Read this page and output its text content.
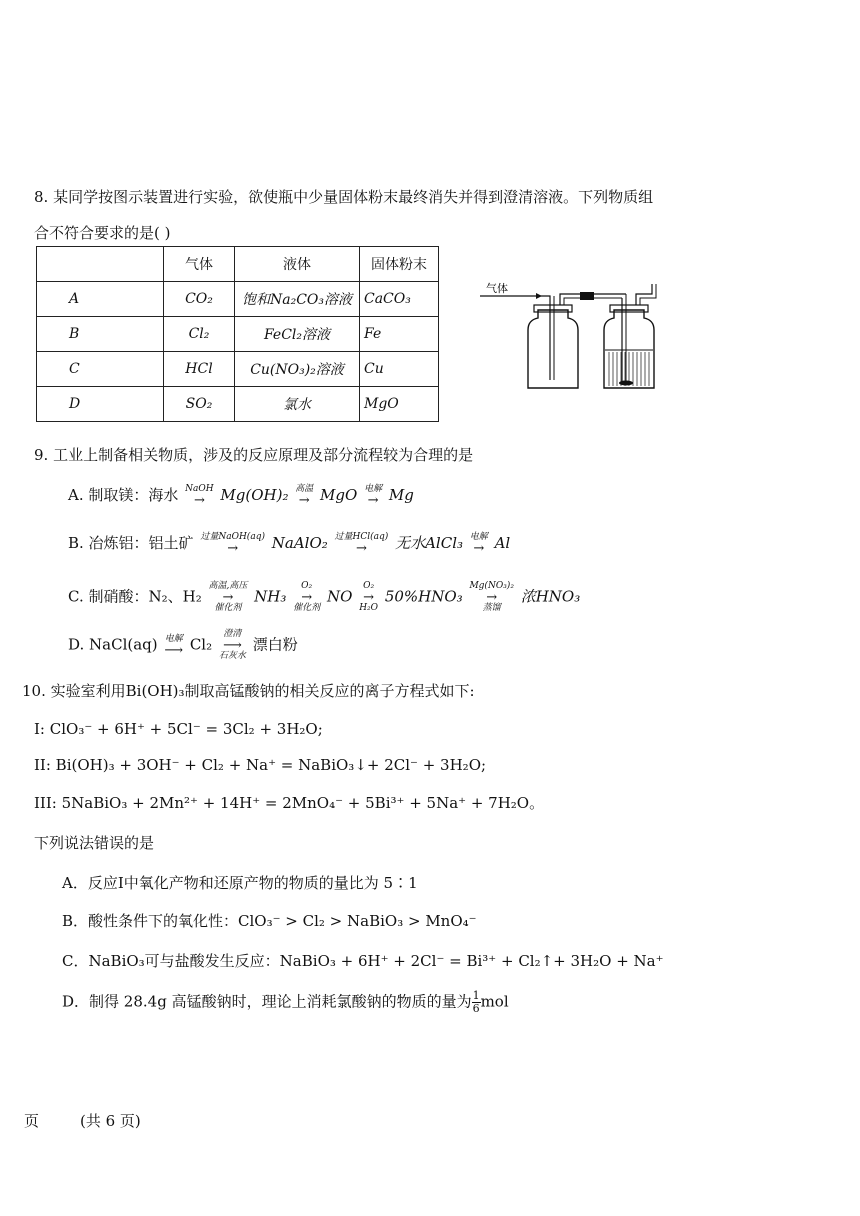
8. 某同学按图示装置进行实验，欲使瓶中少量固体粉末最终消失并得到澄清溶液。下列物质组
合不符合要求的是( )
	气体	液体	固体粉末
A	CO₂	饱和Na₂CO₃溶液	CaCO₃
B	Cl₂	FeCl₂溶液	Fe
C	HCl	Cu(NO₃)₂溶液	Cu
D	SO₂	氯水	MgO
气体
9. 工业上制备相关物质，涉及的反应原理及部分流程较为合理的是
A. 制取镁：海水 NaOH
→ Mg(OH)₂ 高温
→ MgO 电解
→ Mg
B. 冶炼铝：铝土矿 过量NaOH(aq)
→ NaAlO₂ 过量HCl(aq)
→ 无水AlCl₃ 电解
→ Al
C. 制硝酸：N₂、H₂
高温,高压
→
催化剂
NH₃
O₂
→
催化剂
NO
O₂
→
H₂O
50%HNO₃
Mg(NO₃)₂
→
蒸馏
浓HNO₃
D. NaCl(aq) 电解
⟶ Cl₂
澄清
⟶
石灰水
漂白粉
10. 实验室利用Bi(OH)₃制取高锰酸钠的相关反应的离子方程式如下:
I: ClO₃⁻ + 6H⁺ + 5Cl⁻ = 3Cl₂ + 3H₂O;
II: Bi(OH)₃ + 3OH⁻ + Cl₂ + Na⁺ = NaBiO₃↓+ 2Cl⁻ + 3H₂O;
III: 5NaBiO₃ + 2Mn²⁺ + 14H⁺ = 2MnO₄⁻ + 5Bi³⁺ + 5Na⁺ + 7H₂O。
下列说法错误的是
A．反应I中氧化产物和还原产物的物质的量比为 5∶1
B．酸性条件下的氧化性：ClO₃⁻ > Cl₂ > NaBiO₃ > MnO₄⁻
C．NaBiO₃可与盐酸发生反应：NaBiO₃ + 6H⁺ + 2Cl⁻ = Bi³⁺ + Cl₂↑+ 3H₂O + Na⁺
D．制得 28.4g 高锰酸钠时，理论上消耗氯酸钠的物质的量为 $\frac{1}{6}$ mol
页	(共 6 页)
